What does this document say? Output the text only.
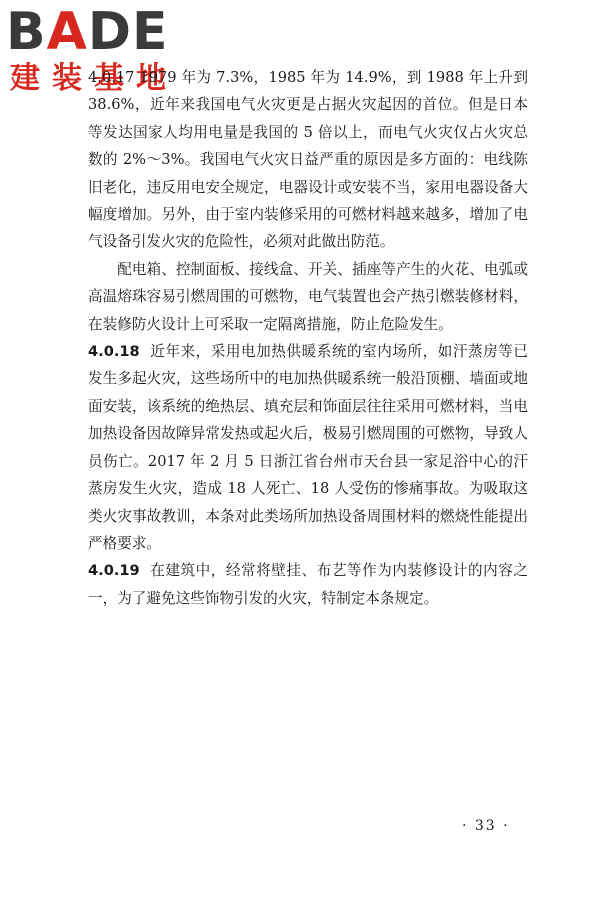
BADE
建装基地

4.0.17 1979 年为 7.3%，1985 年为 14.9%，到 1988 年上升到 38.6%，近年来我国电气火灾更是占据火灾起因的首位。但是日本等发达国家人均用电量是我国的 5 倍以上，而电气火灾仅占火灾总数的 2%～3%。我国电气火灾日益严重的原因是多方面的：电线陈旧老化，违反用电安全规定，电器设计或安装不当，家用电器设备大幅度增加。另外，由于室内装修采用的可燃材料越来越多，增加了电气设备引发火灾的危险性，必须对此做出防范。

配电箱、控制面板、接线盒、开关、插座等产生的火花、电弧或高温熔珠容易引燃周围的可燃物，电气装置也会产热引燃装修材料，在装修防火设计上可采取一定隔离措施，防止危险发生。

4.0.18 近年来，采用电加热供暖系统的室内场所，如汗蒸房等已发生多起火灾，这些场所中的电加热供暖系统一般沿顶棚、墙面或地面安装，该系统的绝热层、填充层和饰面层往往采用可燃材料，当电加热设备因故障异常发热或起火后，极易引燃周围的可燃物，导致人员伤亡。2017 年 2 月 5 日浙江省台州市天台县一家足浴中心的汗蒸房发生火灾，造成 18 人死亡、18 人受伤的惨痛事故。为吸取这类火灾事故教训，本条对此类场所加热设备周围材料的燃烧性能提出严格要求。

4.0.19 在建筑中，经常将壁挂、布艺等作为内装修设计的内容之一，为了避免这些饰物引发的火灾，特制定本条规定。

· 33 ·
